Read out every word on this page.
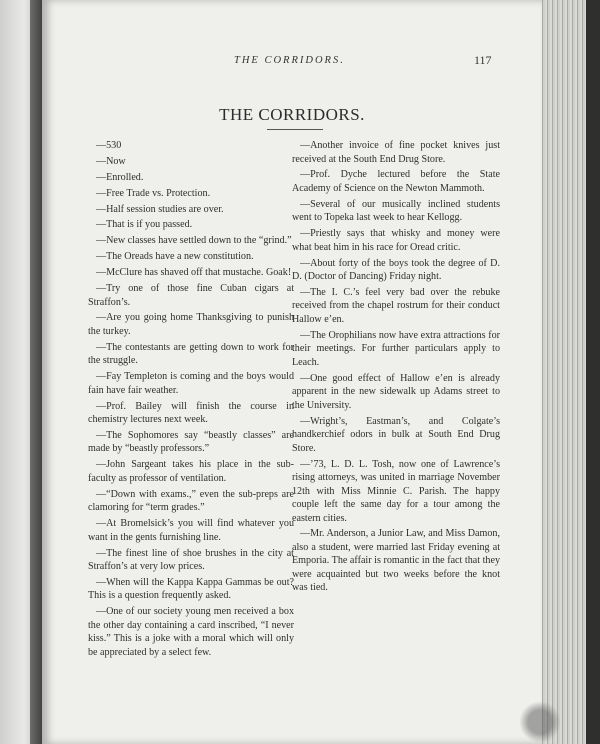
THE CORRIDORS.	117
THE CORRIDORS.

—530

—Now

—Enrolled.

—Free Trade vs. Protection.

—Half session studies are over.

—That is if you passed.

—New classes have settled down to the “grind.”

—The Oreads have a new constitution.

—McClure has shaved off that mustache. Goak!

—Try one of those fine Cuban cigars at Straffon’s.

—Are you going home Thanksgiving to punish the turkey.

—The contestants are getting down to work for the struggle.

—Fay Templeton is coming and the boys would fain have fair weather.

—Prof. Bailey will finish the course in chemistry lectures next week.

—The Sophomores say “beastly classes” are made by “beastly professors.”

—John Sargeant takes his place in the sub-faculty as professor of ventilation.

—“Down with exams.,” even the sub-preps are clamoring for “term grades.”

—At Bromelsick’s you will find whatever you want in the gents furnishing line.

—The finest line of shoe brushes in the city at Straffon’s at very low prices.

—When will the Kappa Kappa Gammas be out? This is a question frequently asked.

—One of our society young men received a box the other day containing a card inscribed, “I never kiss.” This is a joke with a moral which will only be appreciated by a select few.

—Another invoice of fine pocket knives just received at the South End Drug Store.

—Prof. Dyche lectured before the State Academy of Science on the Newton Mammoth.

—Several of our musically inclined students went to Topeka last week to hear Kellogg.

—Priestly says that whisky and money were what beat him in his race for Oread critic.

—About forty of the boys took the degree of D. D. (Doctor of Dancing) Friday night.

—The I. C.’s feel very bad over the rebuke received from the chapel rostrum for their conduct Hallow e’en.

—The Orophilians now have extra attractions for their meetings. For further particulars apply to Leach.

—One good effect of Hallow e’en is already apparent in the new sidewalk up Adams street to the University.

—Wright’s, Eastman’s, and Colgate’s handkerchief odors in bulk at South End Drug Store.

—’73, L. D. L. Tosh, now one of Lawrence’s rising attorneys, was united in marriage November 12th with Miss Minnie C. Parish. The happy couple left the same day for a tour among the eastern cities.

—Mr. Anderson, a Junior Law, and Miss Damon, also a student, were married last Friday evening at Emporia. The affair is romantic in the fact that they were acquainted but two weeks before the knot was tied.
